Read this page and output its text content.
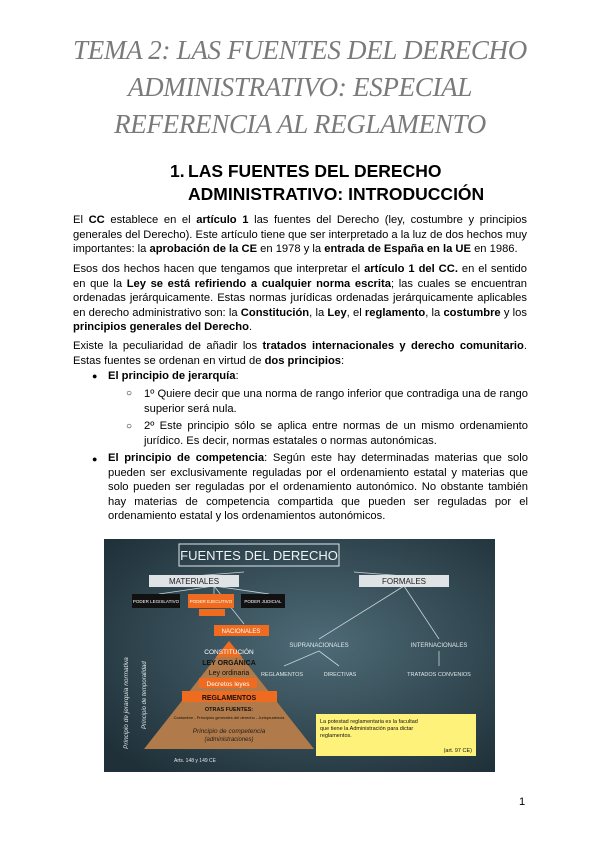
TEMA 2: LAS FUENTES DEL DERECHO
ADMINISTRATIVO: ESPECIAL
REFERENCIA AL REGLAMENTO
1. LAS FUENTES DEL DERECHO
ADMINISTRATIVO: INTRODUCCIÓN
El CC establece en el artículo 1 las fuentes del Derecho (ley, costumbre y principios generales del Derecho). Este artículo tiene que ser interpretado a la luz de dos hechos muy importantes: la aprobación de la CE en 1978 y la entrada de España en la UE en 1986.
Esos dos hechos hacen que tengamos que interpretar el artículo 1 del CC. en el sentido en que la Ley se está refiriendo a cualquier norma escrita; las cuales se encuentran ordenadas jerárquicamente. Estas normas jurídicas ordenadas jerárquicamente aplicables en derecho administrativo son: la Constitución, la Ley, el reglamento, la costumbre y los principios generales del Derecho.
Existe la peculiaridad de añadir los tratados internacionales y derecho comunitario. Estas fuentes se ordenan en virtud de dos principios:
● El principio de jerarquía:
○ 1º Quiere decir que una norma de rango inferior que contradiga una de rango superior será nula.
○ 2º Este principio sólo se aplica entre normas de un mismo ordenamiento jurídico. Es decir, normas estatales o normas autonómicas.
● El principio de competencia: Según este hay determinadas materias que solo pueden ser exclusivamente reguladas por el ordenamiento estatal y materias que solo pueden ser reguladas por el ordenamiento autonómico. No obstante también hay materias de competencia compartida que pueden ser reguladas por el ordenamiento estatal y los ordenamientos autonómicos.
FUENTES DEL DERECHO
MATERIALES	FORMALES
PODER LEGISLATIVO PODER EJECUTIVO	PODER JUDICIAL
NACIONALES
SUPRANACIONALES	INTERNACIONALES
REGLAMENTOS	DIRECTIVAS	TRATADOS CONVENIOS
CONSTITUCIÓN
LEY ORGÁNICA
Ley ordinaria
Decretos leyes
REGLAMENTOS
OTRAS FUENTES:
Costumbre - Principios generales del derecho - Jurisprudencia
Principio de competencia
(administraciones)
Arts. 148 y 149 CE
Principio de jerarquía normativa Principio de temporalidad	La potestad reglamentaria es la facultad que tiene la Administración para dictar reglamentos.
(art. 97 CE)
1
